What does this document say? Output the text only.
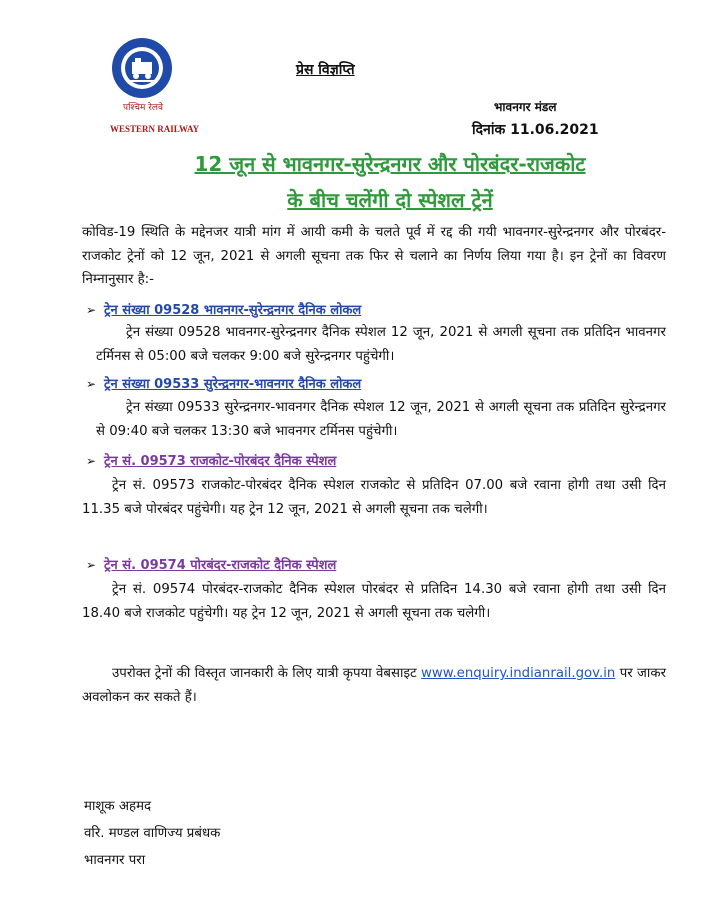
पश्चिम रेलवे
WESTERN RAILWAY
प्रेस विज्ञप्ति
भावनगर मंडल
दिनांक 11.06.2021
12 जून से भावनगर-सुरेन्द्रनगर और पोरबंदर-राजकोट
के बीच चलेंगी दो स्पेशल ट्रेनें
कोविड-19 स्थिति के मद्देनजर यात्री मांग में आयी कमी के चलते पूर्व में रद्द की गयी भावनगर-सुरेन्द्रनगर और पोरबंदर-राजकोट ट्रेनों को 12 जून, 2021 से अगली सूचना तक फिर से चलाने का निर्णय लिया गया है। इन ट्रेनों का विवरण निम्नानुसार है:-
➢ ट्रेन संख्या 09528 भावनगर-सुरेन्द्रनगर दैनिक लोकल
ट्रेन संख्या 09528 भावनगर-सुरेन्द्रनगर दैनिक स्पेशल 12 जून, 2021 से अगली सूचना तक प्रतिदिन भावनगर टर्मिनस से 05:00 बजे चलकर 9:00 बजे सुरेन्द्रनगर पहुंचेगी।
➢ ट्रेन संख्या 09533 सुरेन्द्रनगर-भावनगर दैनिक लोकल
ट्रेन संख्या 09533 सुरेन्द्रनगर-भावनगर दैनिक स्पेशल 12 जून, 2021 से अगली सूचना तक प्रतिदिन सुरेन्द्रनगर से 09:40 बजे चलकर 13:30 बजे भावनगर टर्मिनस पहुंचेगी।
➢ ट्रेन सं. 09573 राजकोट-पोरबंदर दैनिक स्पेशल
ट्रेन सं. 09573 राजकोट-पोरबंदर दैनिक स्पेशल राजकोट से प्रतिदिन 07.00 बजे रवाना होगी तथा उसी दिन 11.35 बजे पोरबंदर पहुंचेगी। यह ट्रेन 12 जून, 2021 से अगली सूचना तक चलेगी।
➢ ट्रेन सं. 09574 पोरबंदर-राजकोट दैनिक स्पेशल
ट्रेन सं. 09574 पोरबंदर-राजकोट दैनिक स्पेशल पोरबंदर से प्रतिदिन 14.30 बजे रवाना होगी तथा उसी दिन 18.40 बजे राजकोट पहुंचेगी। यह ट्रेन 12 जून, 2021 से अगली सूचना तक चलेगी।
उपरोक्त ट्रेनों की विस्तृत जानकारी के लिए यात्री कृपया वेबसाइट www.enquiry.indianrail.gov.in पर जाकर अवलोकन कर सकते हैं।
माशूक अहमद
वरि. मण्डल वाणिज्य प्रबंधक
भावनगर परा
